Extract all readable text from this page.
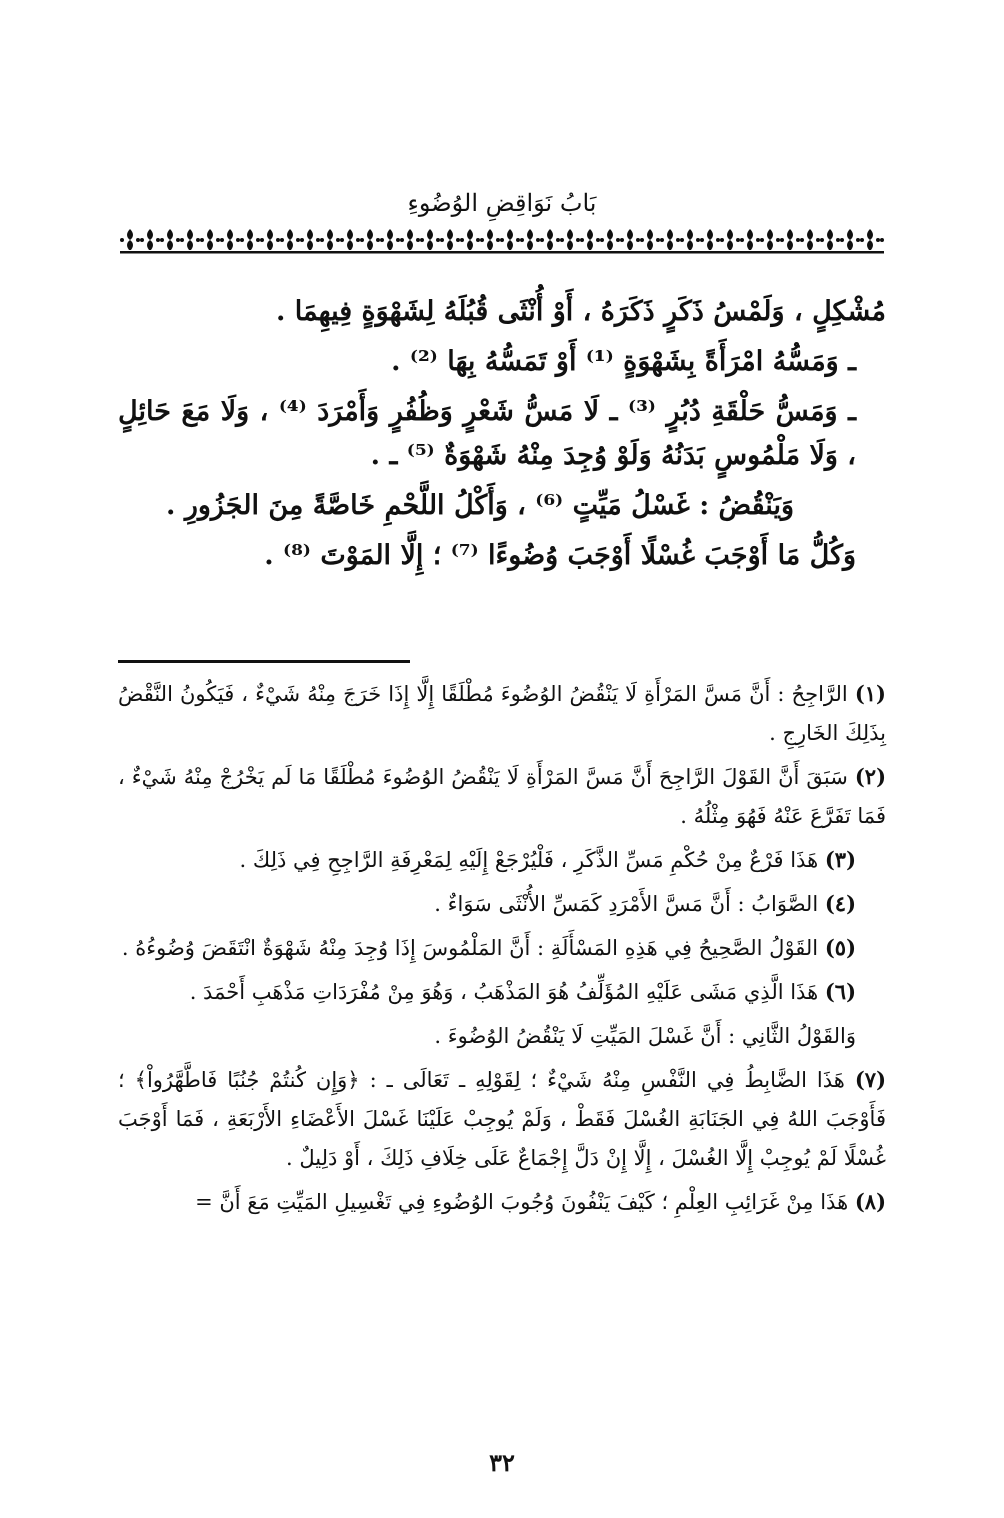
بَابُ نَوَاقِضِ الوُضُوءِ

مُشْكِلٍ ، وَلَمْسُ ذَكَرٍ ذَكَرَهُ ، أَوْ أُنْثَى قُبُلَهُ لِشَهْوَةٍ فِيهِمَا .

ـ وَمَسُّهُ امْرَأَةً بِشَهْوَةٍ ⁽¹⁾ أَوْ تَمَسُّهُ بِهَا ⁽²⁾ .

ـ وَمَسُّ حَلْقَةِ دُبُرٍ ⁽³⁾ ـ لَا مَسُّ شَعْرٍ وَظُفُرٍ وَأَمْرَدَ ⁽⁴⁾ ، وَلَا مَعَ حَائِلٍ ، وَلَا مَلْمُوسٍ بَدَنُهُ وَلَوْ وُجِدَ مِنْهُ شَهْوَةٌ ⁽⁵⁾ ـ .

وَيَنْقُضُ : غَسْلُ مَيِّتٍ ⁽⁶⁾ ، وَأَكْلُ اللَّحْمِ خَاصَّةً مِنَ الجَزُورِ .

وَكُلُّ مَا أَوْجَبَ غُسْلًا أَوْجَبَ وُضُوءًا ⁽⁷⁾ ؛ إِلَّا المَوْتَ ⁽⁸⁾ .

(١) الرَّاجِحُ : أَنَّ مَسَّ المَرْأَةِ لَا يَنْقُضُ الوُضُوءَ مُطْلَقًا إِلَّا إِذَا خَرَجَ مِنْهُ شَيْءٌ ، فَيَكُونُ النَّقْضُ بِذَلِكَ الخَارِجِ .

(٢) سَبَقَ أَنَّ القَوْلَ الرَّاجِحَ أَنَّ مَسَّ المَرْأَةِ لَا يَنْقُضُ الوُضُوءَ مُطْلَقًا مَا لَم يَخْرُجْ مِنْهُ شَيْءٌ ، فَمَا تَفَرَّعَ عَنْهُ فَهُوَ مِثْلُهُ .

(٣) هَذَا فَرْعٌ مِنْ حُكْمِ مَسِّ الذَّكَرِ ، فَلْيُرْجَعْ إِلَيْهِ لِمَعْرِفَةِ الرَّاجِحِ فِي ذَلِكَ .

(٤) الصَّوَابُ : أَنَّ مَسَّ الأَمْرَدِ كَمَسِّ الأُنْثَى سَوَاءٌ .

(٥) القَوْلُ الصَّحِيحُ فِي هَذِهِ المَسْأَلَةِ : أَنَّ المَلْمُوسَ إِذَا وُجِدَ مِنْهُ شَهْوَةٌ انْتَقَضَ وُضُوءُهُ .

(٦) هَذَا الَّذِي مَشَى عَلَيْهِ المُؤَلِّفُ هُوَ المَذْهَبُ ، وَهُوَ مِنْ مُفْرَدَاتِ مَذْهَبِ أَحْمَدَ .

وَالقَوْلُ الثَّانِي : أَنَّ غَسْلَ المَيِّتِ لَا يَنْقُضُ الوُضُوءَ .

(٧) هَذَا الضَّابِطُ فِي النَّفْسِ مِنْهُ شَيْءٌ ؛ لِقَوْلِهِ ـ تَعَالَى ـ : ﴿وَإِن كُنتُمْ جُنُبًا فَاطَّهَّرُواْ﴾ ؛ فَأَوْجَبَ اللهُ فِي الجَنَابَةِ الغُسْلَ فَقَطْ ، وَلَمْ يُوجِبْ عَلَيْنَا غَسْلَ الأَعْضَاءِ الأَرْبَعَةِ ، فَمَا أَوْجَبَ غُسْلًا لَمْ يُوجِبْ إِلَّا الغُسْلَ ، إِلَّا إِنْ دَلَّ إِجْمَاعٌ عَلَى خِلَافِ ذَلِكَ ، أَوْ دَلِيلٌ .

(٨) هَذَا مِنْ غَرَائِبِ العِلْمِ ؛ كَيْفَ يَنْفُونَ وُجُوبَ الوُضُوءِ فِي تَغْسِيلِ المَيِّتِ مَعَ أَنَّ =

٣٢
